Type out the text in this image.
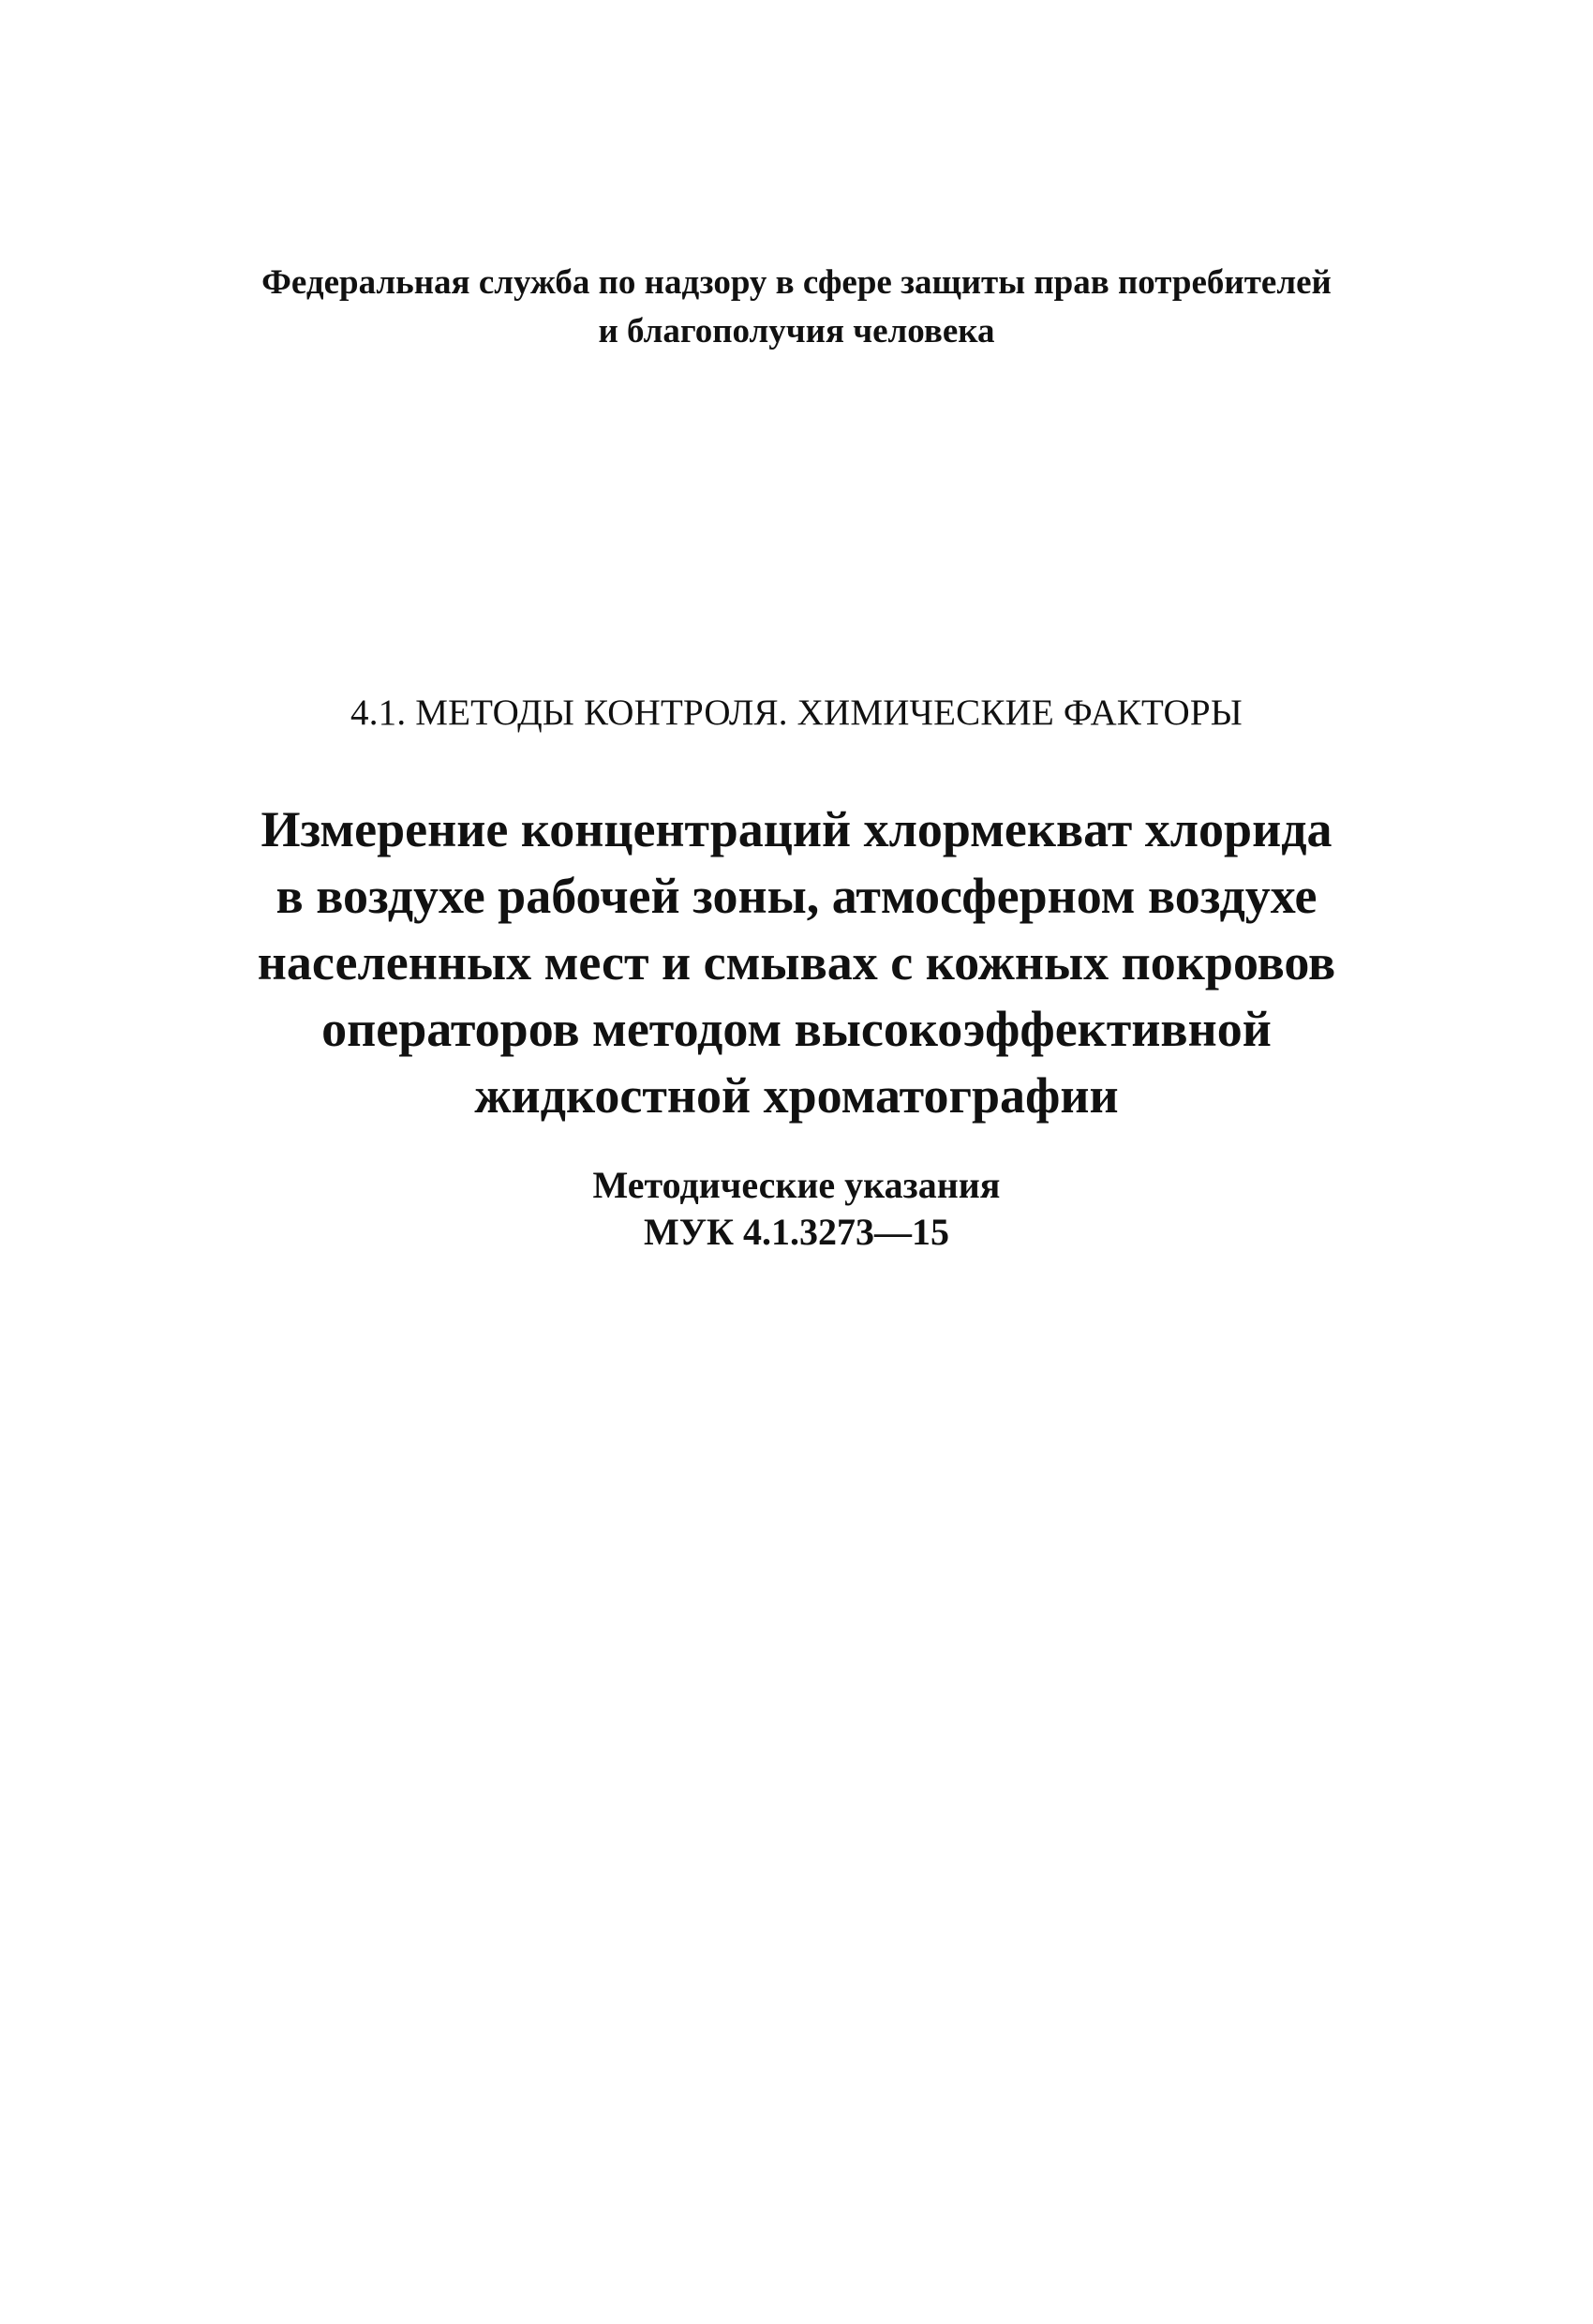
Федеральная служба по надзору в сфере защиты прав потребителей
и благополучия человека
4.1. МЕТОДЫ КОНТРОЛЯ. ХИМИЧЕСКИЕ ФАКТОРЫ
Измерение концентраций хлормекват хлорида
в воздухе рабочей зоны, атмосферном воздухе
населенных мест и смывах с кожных покровов
операторов методом высокоэффективной
жидкостной хроматографии
Методические указания
МУК 4.1.3273—15
